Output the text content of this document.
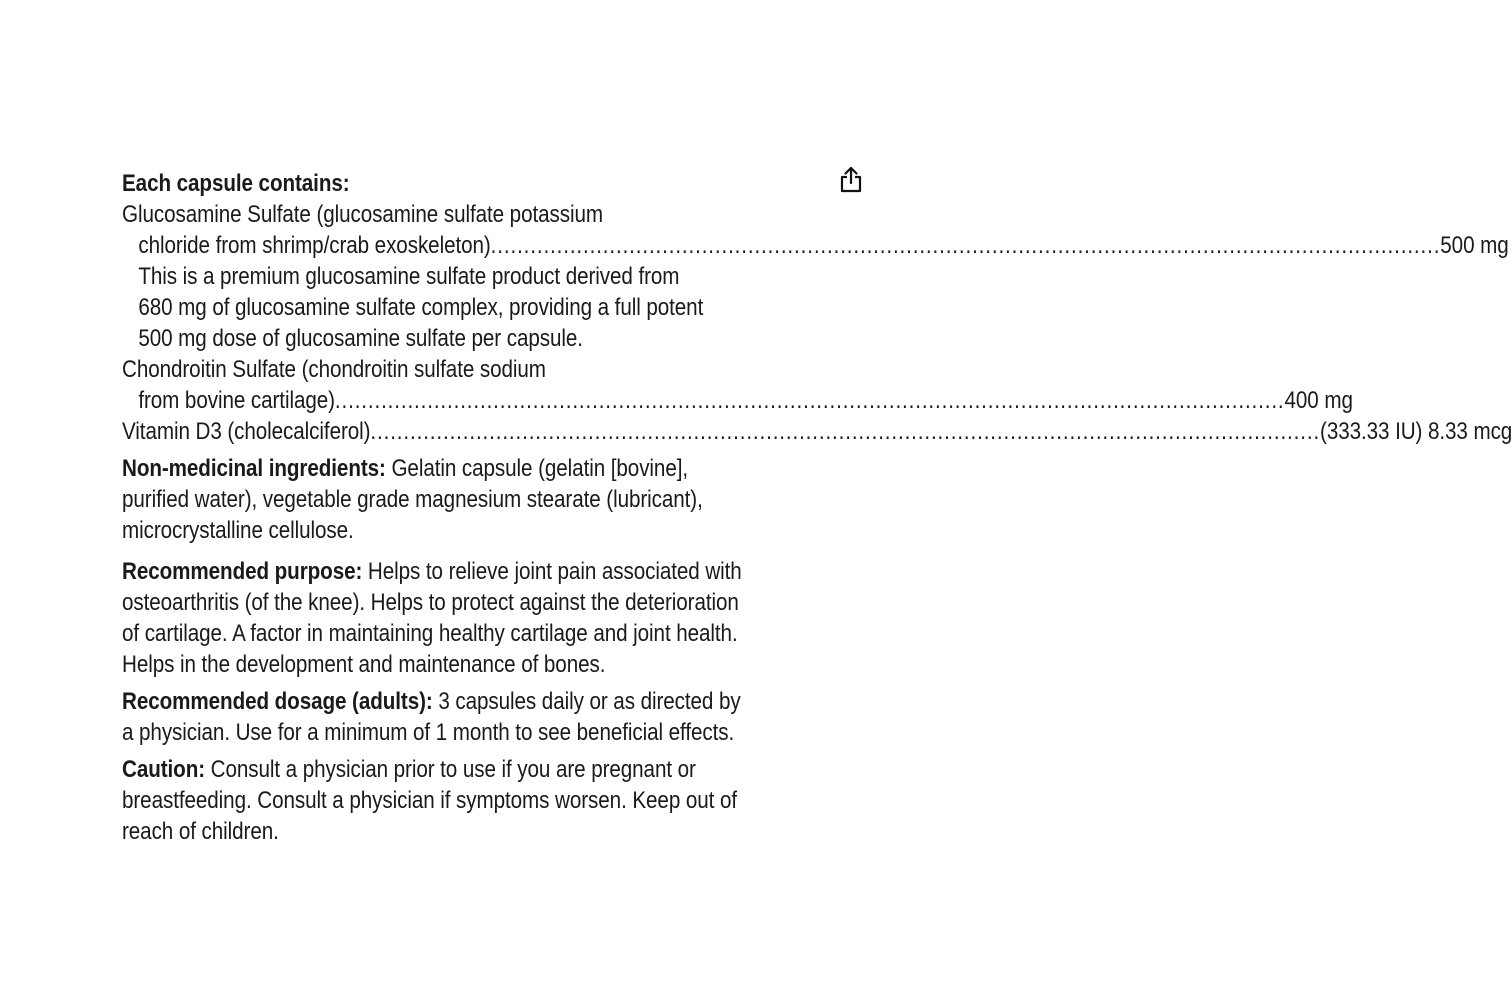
Each capsule contains:
Glucosamine Sulfate (glucosamine sulfate potassium
chloride from shrimp/crab exoskeleton) ................................................................................................................................................ 500 mg
This is a premium glucosamine sulfate product derived from
680 mg of glucosamine sulfate complex, providing a full potent
500 mg dose of glucosamine sulfate per capsule.
Chondroitin Sulfate (chondroitin sulfate sodium
from bovine cartilage) ................................................................................................................................................ 400 mg
Vitamin D3 (cholecalciferol) ................................................................................................................................................ (333.33 IU) 8.33 mcg
Non-medicinal ingredients: Gelatin capsule (gelatin [bovine],
purified water), vegetable grade magnesium stearate (lubricant),
microcrystalline cellulose.
Recommended purpose: Helps to relieve joint pain associated with
osteoarthritis (of the knee). Helps to protect against the deterioration
of cartilage. A factor in maintaining healthy cartilage and joint health.
Helps in the development and maintenance of bones.
Recommended dosage (adults): 3 capsules daily or as directed by
a physician. Use for a minimum of 1 month to see beneficial effects.
Caution: Consult a physician prior to use if you are pregnant or
breastfeeding. Consult a physician if symptoms worsen. Keep out of
reach of children.
